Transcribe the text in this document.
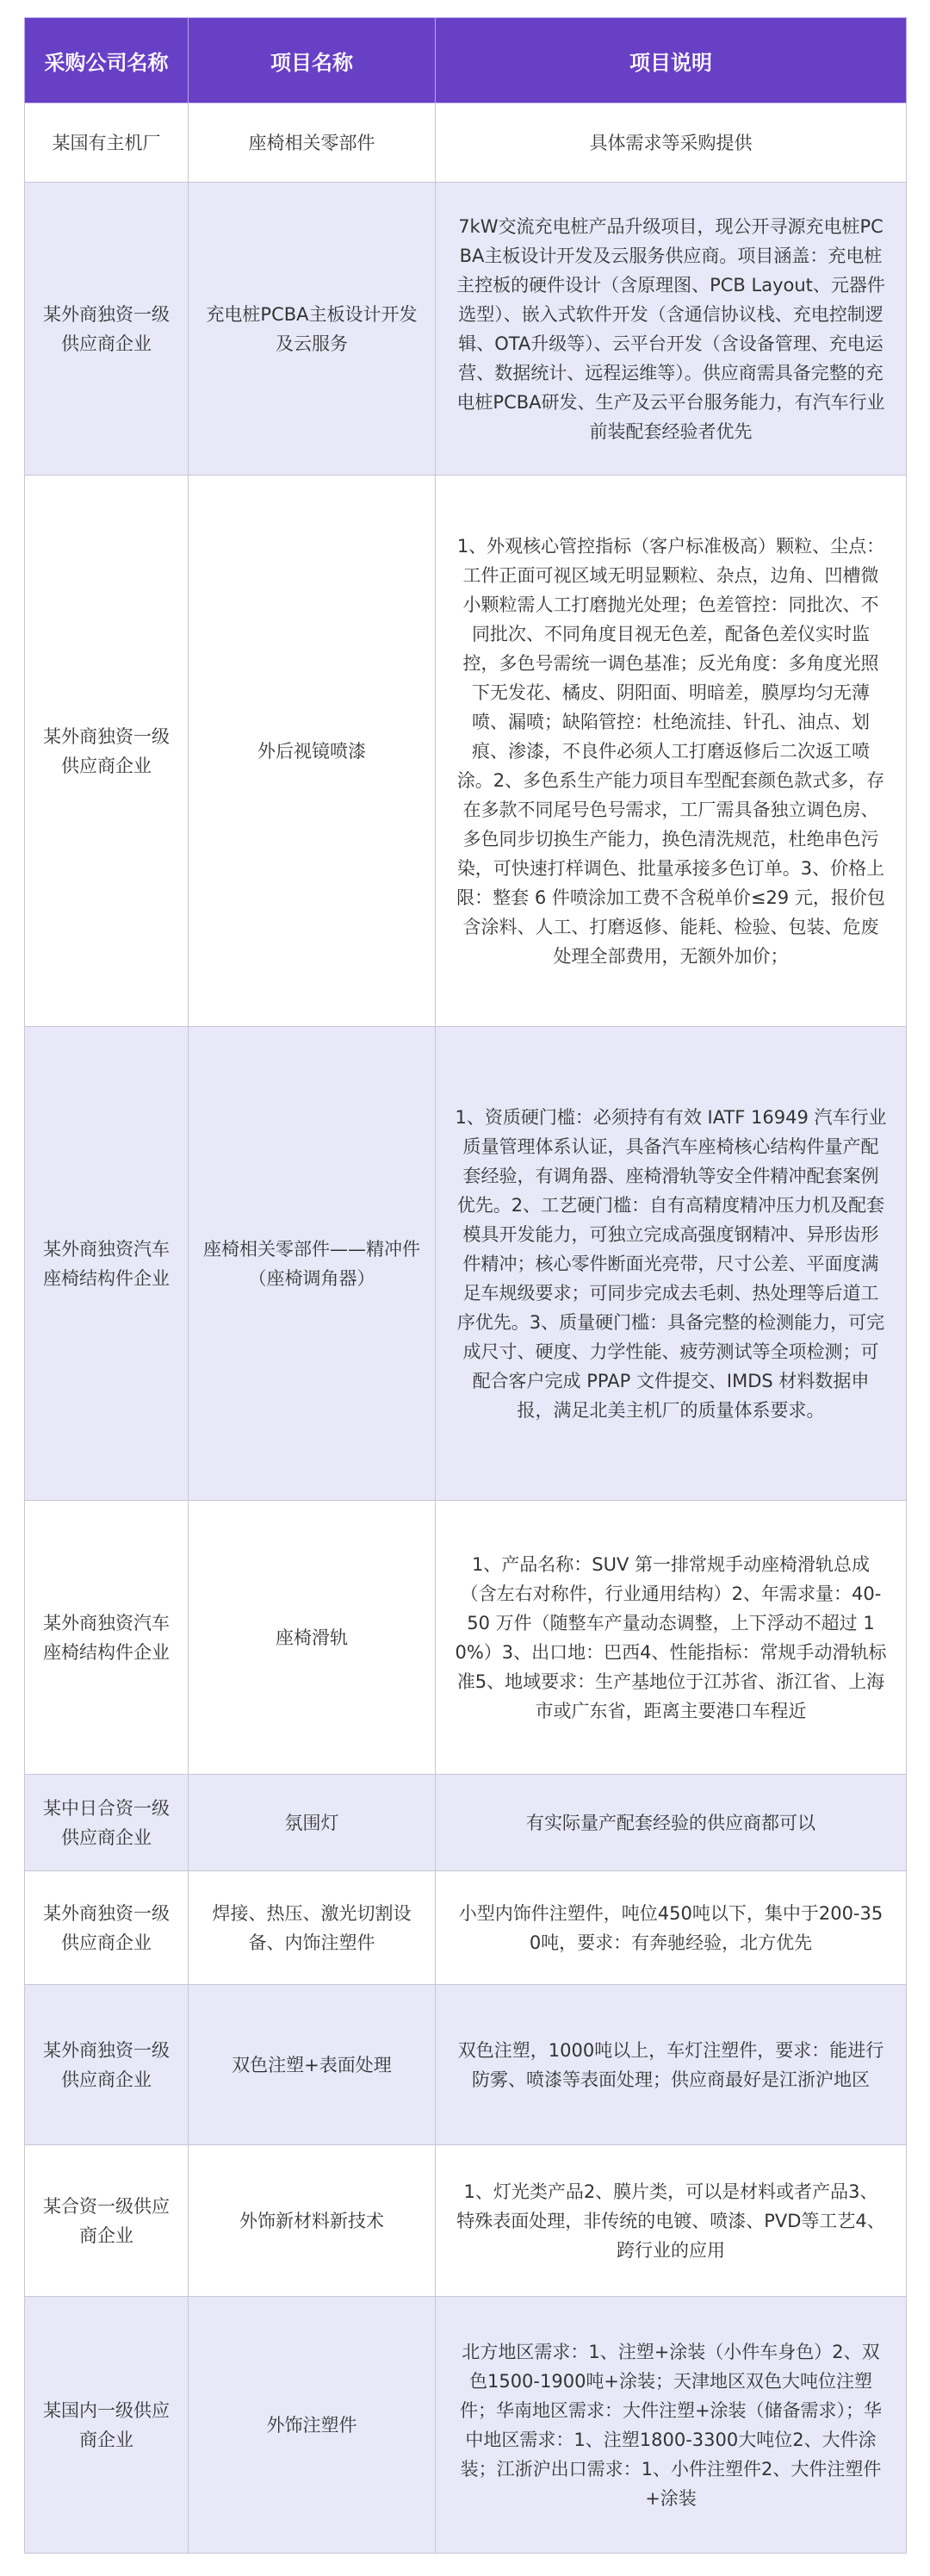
采购公司名称	项目名称	项目说明
某国有主机厂	座椅相关零部件	具体需求等采购提供
某外商独资一级供应商企业	充电桩PCBA主板设计开发及云服务	7kW交流充电桩产品升级项目，现公开寻源充电桩PCBA主板设计开发及云服务供应商。项目涵盖：充电桩主控板的硬件设计（含原理图、PCB Layout、元器件选型）、嵌入式软件开发（含通信协议栈、充电控制逻辑、OTA升级等）、云平台开发（含设备管理、充电运营、数据统计、远程运维等）。供应商需具备完整的充电桩PCBA研发、生产及云平台服务能力，有汽车行业前装配套经验者优先
某外商独资一级供应商企业	外后视镜喷漆	1、外观核心管控指标（客户标准极高）颗粒、尘点：工件正面可视区域无明显颗粒、杂点，边角、凹槽微小颗粒需人工打磨抛光处理；色差管控：同批次、不同批次、不同角度目视无色差，配备色差仪实时监控，多色号需统一调色基准；反光角度：多角度光照下无发花、橘皮、阴阳面、明暗差，膜厚均匀无薄喷、漏喷；缺陷管控：杜绝流挂、针孔、油点、划痕、渗漆，不良件必须人工打磨返修后二次返工喷涂。2、多色系生产能力项目车型配套颜色款式多，存在多款不同尾号色号需求，工厂需具备独立调色房、多色同步切换生产能力，换色清洗规范，杜绝串色污染，可快速打样调色、批量承接多色订单。3、价格上限：整套 6 件喷涂加工费不含税单价≤29 元，报价包含涂料、人工、打磨返修、能耗、检验、包装、危废处理全部费用，无额外加价；
某外商独资汽车座椅结构件企业	座椅相关零部件——精冲件（座椅调角器）	1、资质硬门槛：必须持有有效 IATF 16949 汽车行业质量管理体系认证，具备汽车座椅核心结构件量产配套经验，有调角器、座椅滑轨等安全件精冲配套案例优先。2、工艺硬门槛：自有高精度精冲压力机及配套模具开发能力，可独立完成高强度钢精冲、异形齿形件精冲；核心零件断面光亮带，尺寸公差、平面度满足车规级要求；可同步完成去毛刺、热处理等后道工序优先。3、质量硬门槛：具备完整的检测能力，可完成尺寸、硬度、力学性能、疲劳测试等全项检测；可配合客户完成 PPAP 文件提交、IMDS 材料数据申报，满足北美主机厂的质量体系要求。
某外商独资汽车座椅结构件企业	座椅滑轨	1、产品名称：SUV 第一排常规手动座椅滑轨总成（含左右对称件，行业通用结构）2、年需求量：40-50 万件（随整车产量动态调整，上下浮动不超过 10%）3、出口地：巴西4、性能指标：常规手动滑轨标准5、地域要求：生产基地位于江苏省、浙江省、上海市或广东省，距离主要港口车程近
某中日合资一级供应商企业	氛围灯	有实际量产配套经验的供应商都可以
某外商独资一级供应商企业	焊接、热压、激光切割设备、内饰注塑件	小型内饰件注塑件，吨位450吨以下，集中于200-350吨，要求：有奔驰经验，北方优先
某外商独资一级供应商企业	双色注塑+表面处理	双色注塑，1000吨以上，车灯注塑件，要求：能进行防雾、喷漆等表面处理；供应商最好是江浙沪地区
某合资一级供应商企业	外饰新材料新技术	1、灯光类产品2、膜片类，可以是材料或者产品3、特殊表面处理，非传统的电镀、喷漆、PVD等工艺4、跨行业的应用
某国内一级供应商企业	外饰注塑件	北方地区需求：1、注塑+涂装（小件车身色）2、双色1500-1900吨+涂装；天津地区双色大吨位注塑件；华南地区需求：大件注塑+涂装（储备需求）；华中地区需求：1、注塑1800-3300大吨位2、大件涂装；江浙沪出口需求：1、小件注塑件2、大件注塑件+涂装
